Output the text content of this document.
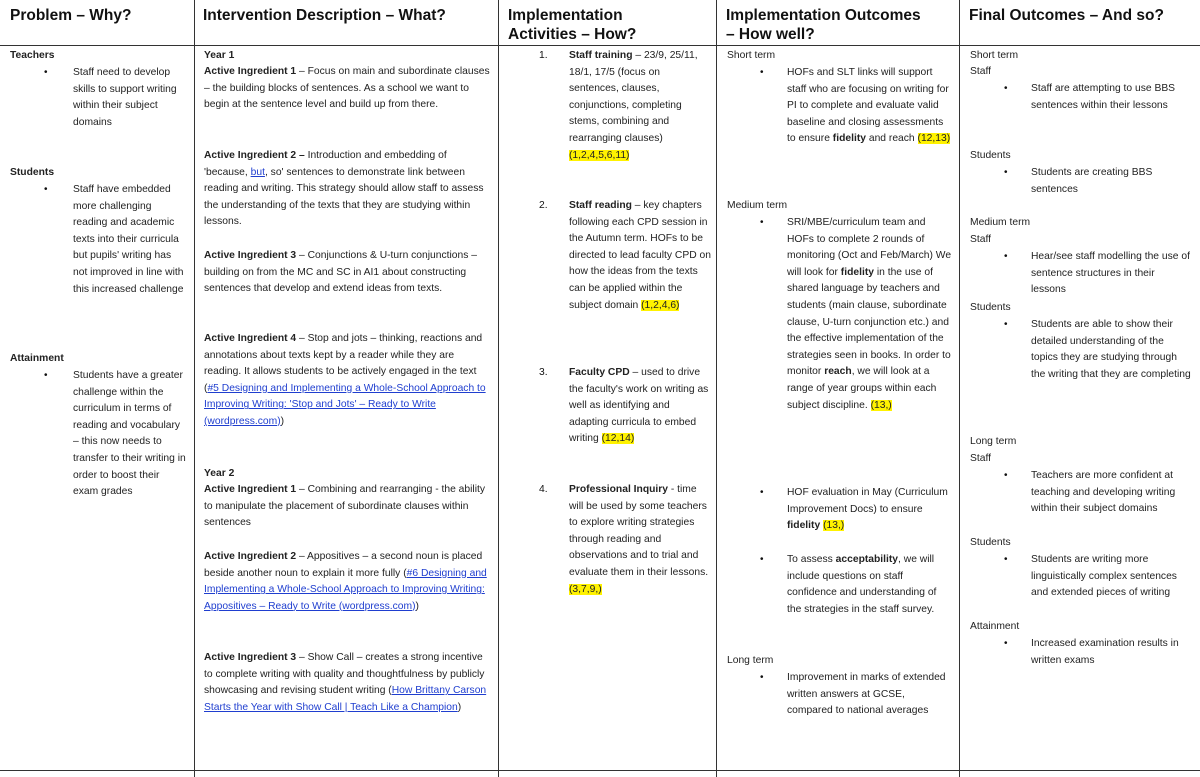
Problem – Why?	Intervention Description – What?	Implementation
Activities – How?
Implementation Outcomes
– How well?
Final Outcomes – And so?
Teachers
• Staff need to develop skills to support writing within their subject domains
Students
• Staff have embedded more challenging reading and academic texts into their curricula but pupils' writing has not improved in line with this increased challenge
Attainment
• Students have a greater challenge within the curriculum in terms of reading and vocabulary – this now needs to transfer to their writing in order to boost their exam grades
Year 1
Active Ingredient 1 – Focus on main and subordinate clauses – the building blocks of sentences. As a school we want to begin at the sentence level and build up from there.
Active Ingredient 2 – Introduction and embedding of 'because, but, so' sentences to demonstrate link between reading and writing. This strategy should allow staff to assess the understanding of the texts that they are studying within lessons.
Active Ingredient 3 – Conjunctions & U-turn conjunctions – building on from the MC and SC in AI1 about constructing sentences that develop and extend ideas from texts.
Active Ingredient 4 – Stop and jots – thinking, reactions and annotations about texts kept by a reader while they are reading. It allows students to be actively engaged in the text (#5 Designing and Implementing a Whole-School Approach to Improving Writing: 'Stop and Jots' – Ready to Write (wordpress.com))
Year 2
Active Ingredient 1 – Combining and rearranging - the ability to manipulate the placement of subordinate clauses within sentences
Active Ingredient 2 – Appositives – a second noun is placed beside another noun to explain it more fully (#6 Designing and Implementing a Whole-School Approach to Improving Writing: Appositives – Ready to Write (wordpress.com))
Active Ingredient 3 – Show Call – creates a strong incentive to complete writing with quality and thoughtfulness by publicly showcasing and revising student writing (How Brittany Carson Starts the Year with Show Call | Teach Like a Champion)
1. Staff training – 23/9, 25/11, 18/1, 17/5 (focus on sentences, clauses, conjunctions, completing stems, combining and rearranging clauses) (1,2,4,5,6,11)
2. Staff reading – key chapters following each CPD session in the Autumn term. HOFs to be directed to lead faculty CPD on how the ideas from the texts can be applied within the subject domain (1,2,4,6)
3. Faculty CPD – used to drive the faculty's work on writing as well as identifying and adapting curricula to embed writing (12,14)
4. Professional Inquiry - time will be used by some teachers to explore writing strategies through reading and observations and to trial and evaluate them in their lessons. (3,7,9,)
Short term
• HOFs and SLT links will support staff who are focusing on writing for PI to complete and evaluate valid baseline and closing assessments to ensure fidelity and reach (12,13)
Medium term
• SRI/MBE/curriculum team and HOFs to complete 2 rounds of monitoring (Oct and Feb/March) We will look for fidelity in the use of shared language by teachers and students (main clause, subordinate clause, U-turn conjunction etc.) and the effective implementation of the strategies seen in books. In order to monitor reach, we will look at a range of year groups within each subject discipline. (13,)
• HOF evaluation in May (Curriculum Improvement Docs) to ensure fidelity (13,)
• To assess acceptability, we will include questions on staff confidence and understanding of the strategies in the staff survey.
Long term
• Improvement in marks of extended written answers at GCSE, compared to national averages
Short term
Staff
• Staff are attempting to use BBS sentences within their lessons
Students
• Students are creating BBS sentences
Medium term
Staff
• Hear/see staff modelling the use of sentence structures in their lessons
Students
• Students are able to show their detailed understanding of the topics they are studying through the writing that they are completing
Long term
Staff
• Teachers are more confident at teaching and developing writing within their subject domains
Students
• Students are writing more linguistically complex sentences and extended pieces of writing
Attainment
• Increased examination results in written exams
